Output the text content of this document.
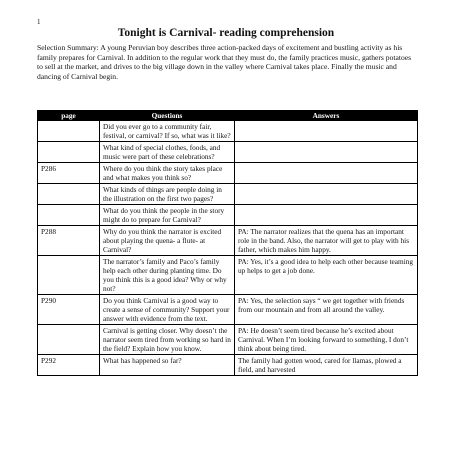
1
Tonight is Carnival- reading comprehension
Selection Summary: A young Peruvian boy describes three action-packed days of excitement and bustling activity as his family prepares for Carnival. In addition to the regular work that they must do, the family practices music, gathers potatoes to sell at the market, and drives to the big village down in the valley where Carnival takes place. Finally the music and dancing of Carnival begin.
page	Questions	Answers
	Did you ever go to a community fair, festival, or carnival? If so, what was it like?	
	What kind of special clothes, foods, and music were part of these celebrations?	
P286	Where do you think the story takes place and what makes you think so?	
	What kinds of things are people doing in the illustration on the first two pages?	
	What do you think the people in the story might do to prepare for Carnival?	
P288	Why do you think the narrator is excited about playing the quena- a flute- at Carnival?	PA: The narrator realizes that the quena has an important role in the band. Also, the narrator will get to play with his father, which makes him happy.
	The narrator’s family and Paco’s family help each other during planting time. Do you think this is a good idea? Why or why not?	PA: Yes, it’s a good idea to help each other because teaming up helps to get a job done.
P290	Do you think Carnival is a good way to create a sense of community? Support your answer with evidence from the text.	PA: Yes, the selection says “ we get together with friends from our mountain and from all around the valley.
	Carnival is getting closer. Why doesn’t the narrator seem tired from working so hard in the field? Explain how you know.	PA: He doesn’t seem tired because he’s excited about Carnival. When I’m looking forward to something, I don’t think about being tired.
P292	What has happened so far?	The family had gotten wood, cared for llamas, plowed a field, and harvested
